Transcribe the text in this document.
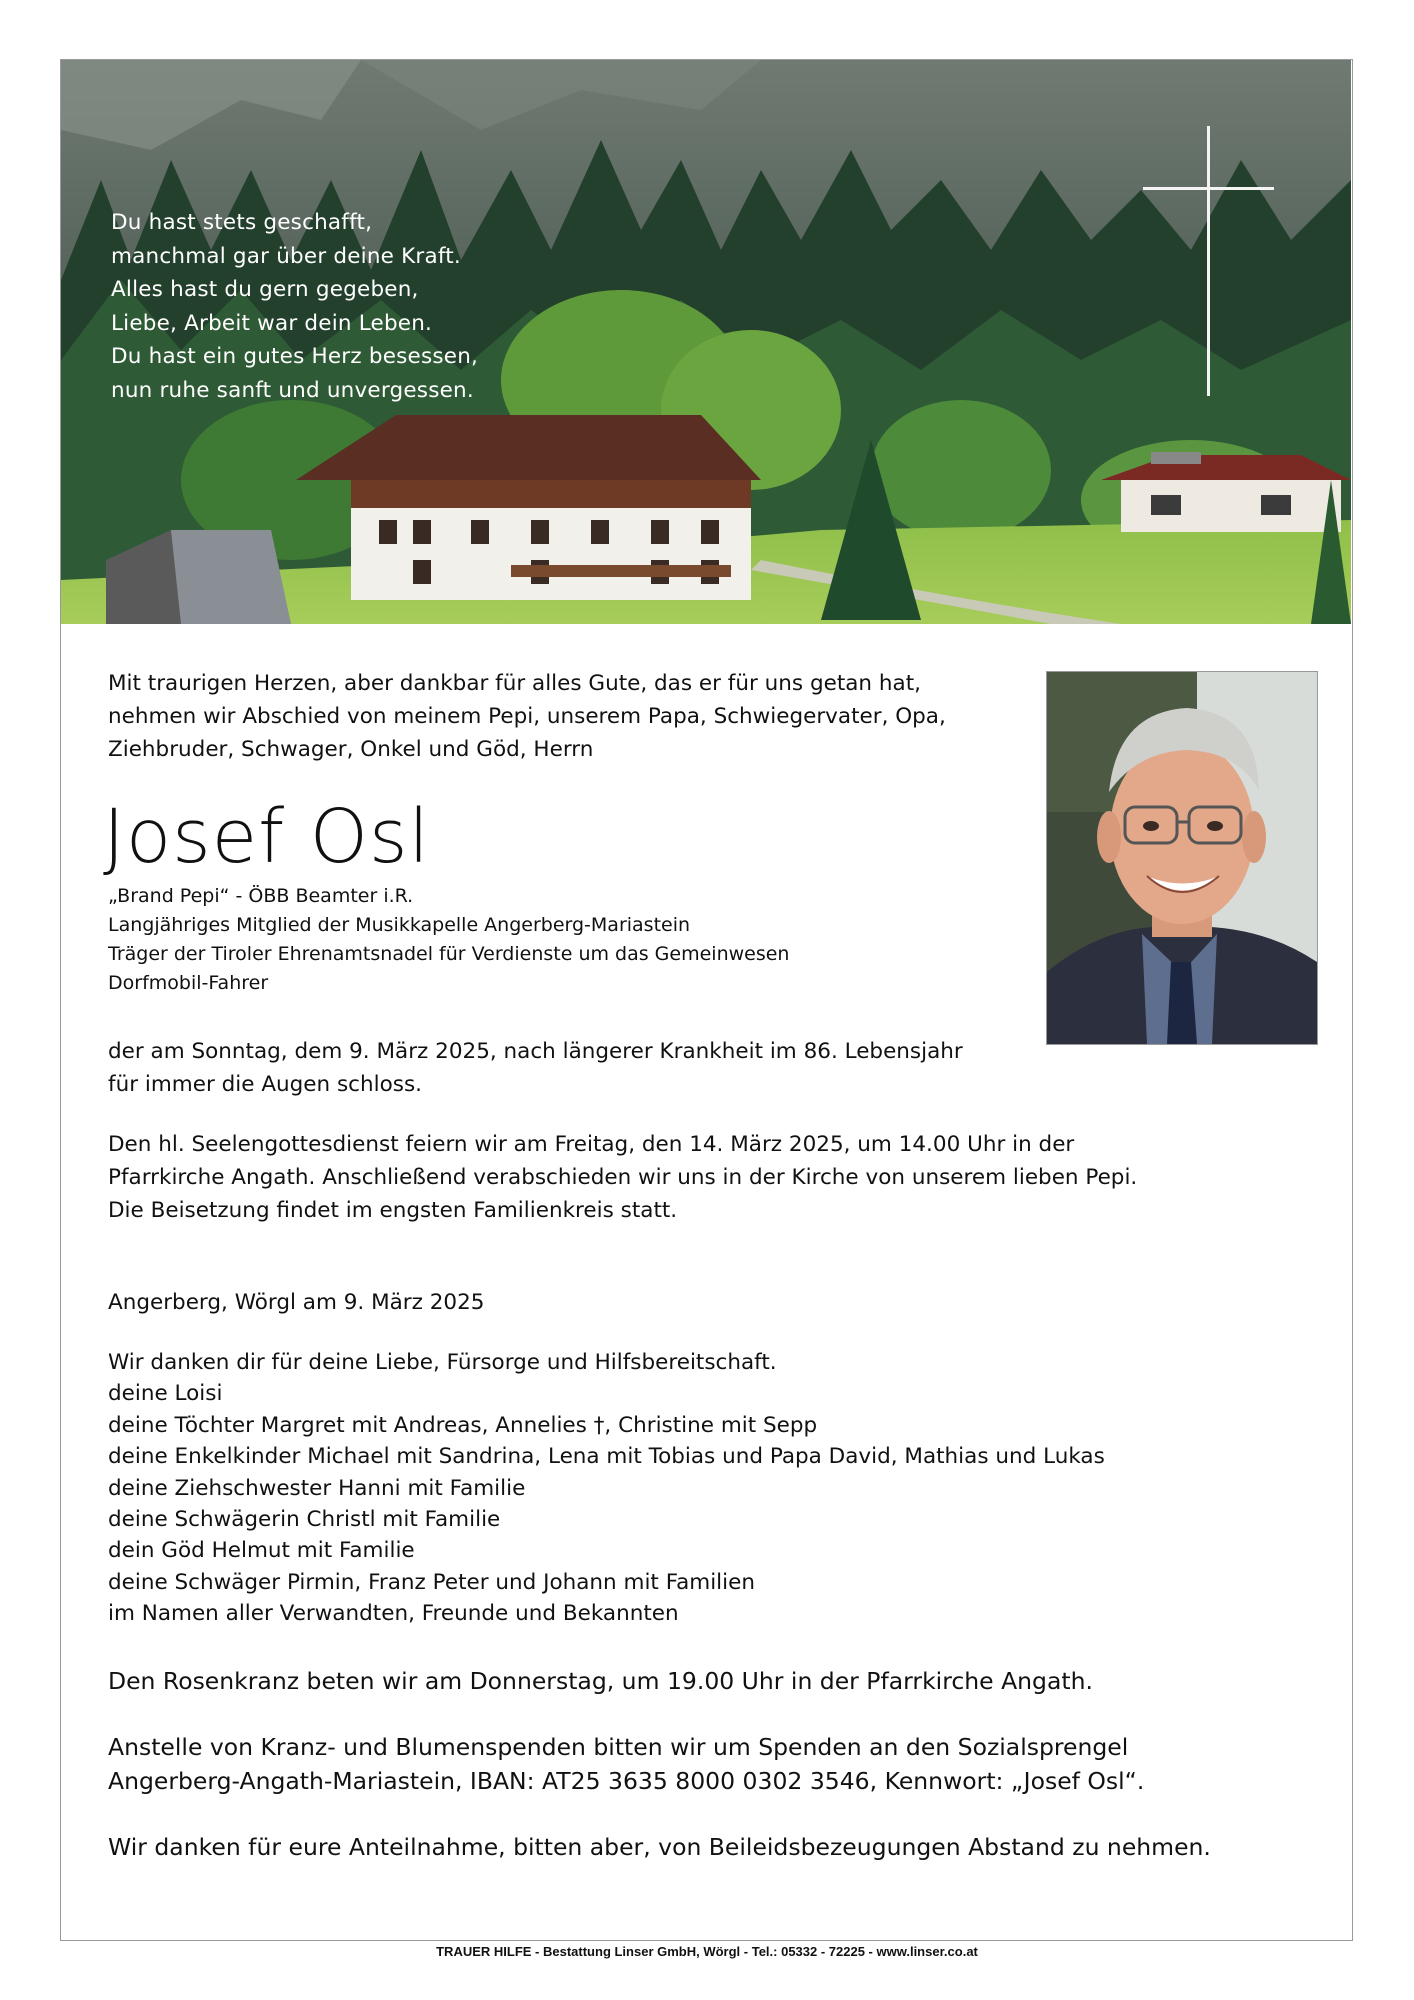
Du hast stets geschafft,
manchmal gar über deine Kraft.
Alles hast du gern gegeben,
Liebe, Arbeit war dein Leben.
Du hast ein gutes Herz besessen,
nun ruhe sanft und unvergessen.
Mit traurigen Herzen, aber dankbar für alles Gute, das er für uns getan hat,
nehmen wir Abschied von meinem Pepi, unserem Papa, Schwiegervater, Opa,
Ziehbruder, Schwager, Onkel und Göd, Herrn
Josef Osl
„Brand Pepi“ - ÖBB Beamter i.R.
Langjähriges Mitglied der Musikkapelle Angerberg-Mariastein
Träger der Tiroler Ehrenamtsnadel für Verdienste um das Gemeinwesen
Dorfmobil-Fahrer
der am Sonntag, dem 9. März 2025, nach längerer Krankheit im 86. Lebensjahr
für immer die Augen schloss.
Den hl. Seelengottesdienst feiern wir am Freitag, den 14. März 2025, um 14.00 Uhr in der
Pfarrkirche Angath. Anschließend verabschieden wir uns in der Kirche von unserem lieben Pepi.
Die Beisetzung findet im engsten Familienkreis statt.
Angerberg, Wörgl am 9. März 2025
Wir danken dir für deine Liebe, Fürsorge und Hilfsbereitschaft.
deine Loisi
deine Töchter Margret mit Andreas, Annelies †, Christine mit Sepp
deine Enkelkinder Michael mit Sandrina, Lena mit Tobias und Papa David, Mathias und Lukas
deine Ziehschwester Hanni mit Familie
deine Schwägerin Christl mit Familie
dein Göd Helmut mit Familie
deine Schwäger Pirmin, Franz Peter und Johann mit Familien
im Namen aller Verwandten, Freunde und Bekannten
Den Rosenkranz beten wir am Donnerstag, um 19.00 Uhr in der Pfarrkirche Angath.
Anstelle von Kranz- und Blumenspenden bitten wir um Spenden an den Sozialsprengel
Angerberg-Angath-Mariastein, IBAN: AT25 3635 8000 0302 3546, Kennwort: „Josef Osl“.
Wir danken für eure Anteilnahme, bitten aber, von Beileidsbezeugungen Abstand zu nehmen.
TRAUER HILFE - Bestattung Linser GmbH, Wörgl - Tel.: 05332 - 72225 - www.linser.co.at
